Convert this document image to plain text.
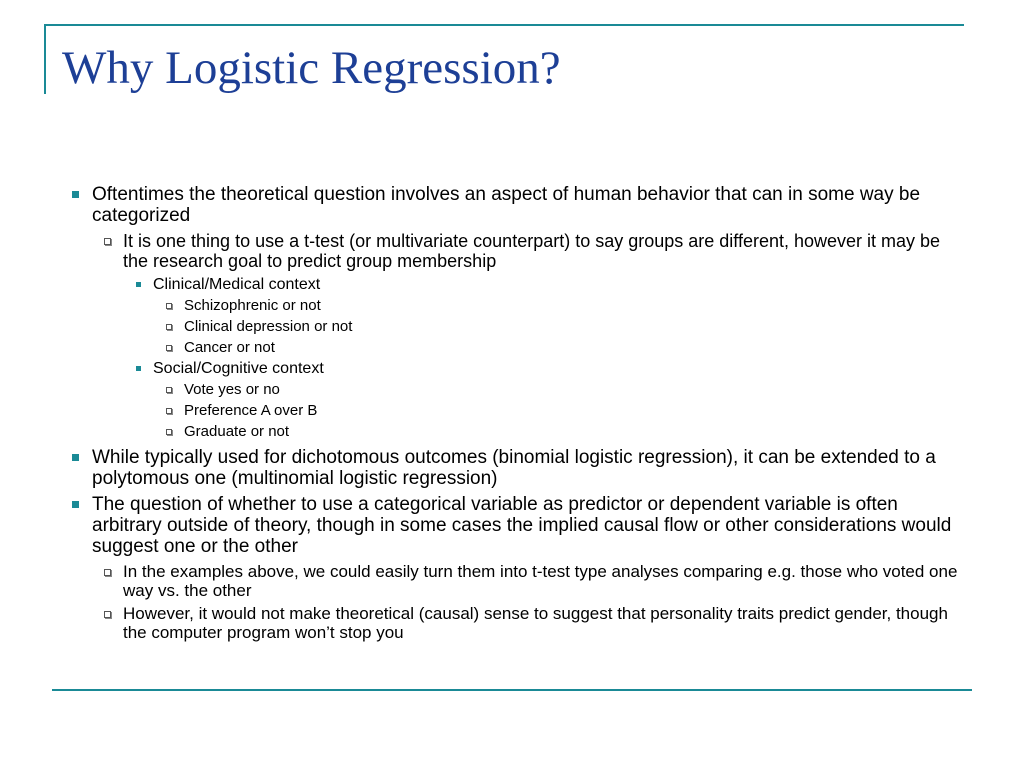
Why Logistic Regression?
Oftentimes the theoretical question involves an aspect of human behavior that can in some way be categorized
It is one thing to use a t-test (or multivariate counterpart) to say groups are different, however it may be the research goal to predict group membership
Clinical/Medical context
Schizophrenic or not
Clinical depression or not
Cancer or not
Social/Cognitive context
Vote yes or no
Preference A over B
Graduate or not
While typically used for dichotomous outcomes (binomial logistic regression), it can be extended to a polytomous one (multinomial logistic regression)
The question of whether to use a categorical variable as predictor or dependent variable is often arbitrary outside of theory, though in some cases the implied causal flow or other considerations would suggest one or the other
In the examples above, we could easily turn them into t-test type analyses comparing e.g. those who voted one way vs. the other
However, it would not make theoretical (causal) sense to suggest that personality traits predict gender, though the computer program won’t stop you
